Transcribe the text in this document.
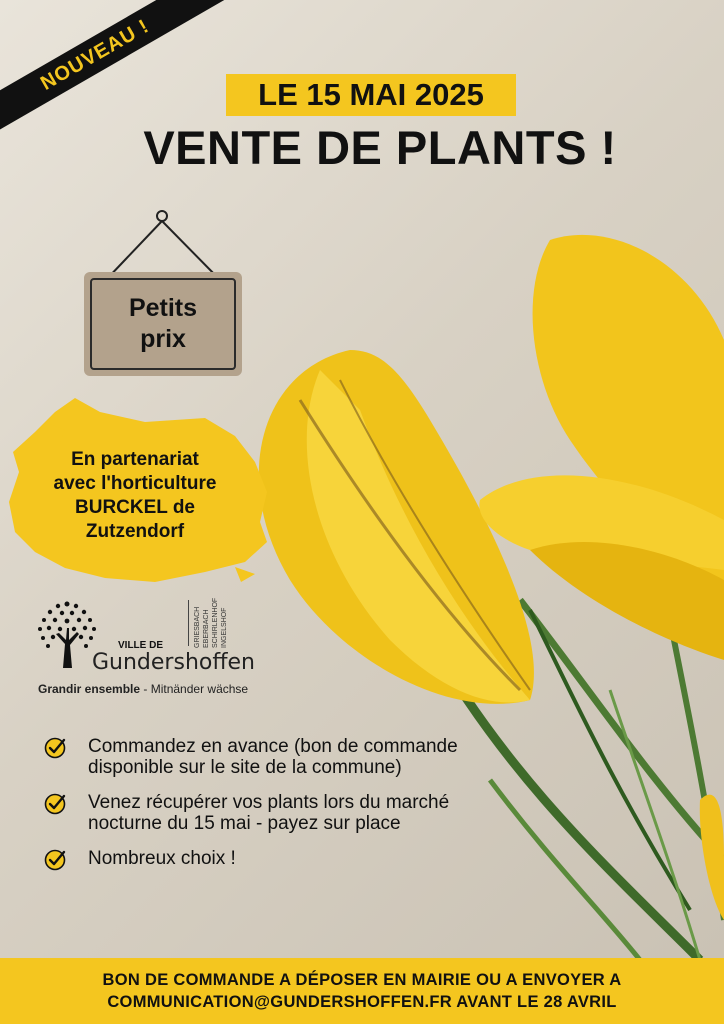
NOUVEAU !
LE 15 MAI 2025
VENTE DE PLANTS !
Petits
prix
En partenariat
avec l'horticulture
BURCKEL de
Zutzendorf
VILLE DE
Gundershoffen
GRIESBACH EBERBACH SCHIRLENHOF INGELSHOF
Grandir ensemble - Mitnänder wächse
Commandez en avance (bon de commande disponible sur le site de la commune)
Venez récupérer vos plants lors du marché nocturne du 15 mai - payez sur place
Nombreux choix !
BON DE COMMANDE A DÉPOSER EN MAIRIE OU A ENVOYER A
COMMUNICATION@GUNDERSHOFFEN.FR AVANT LE 28 AVRIL
